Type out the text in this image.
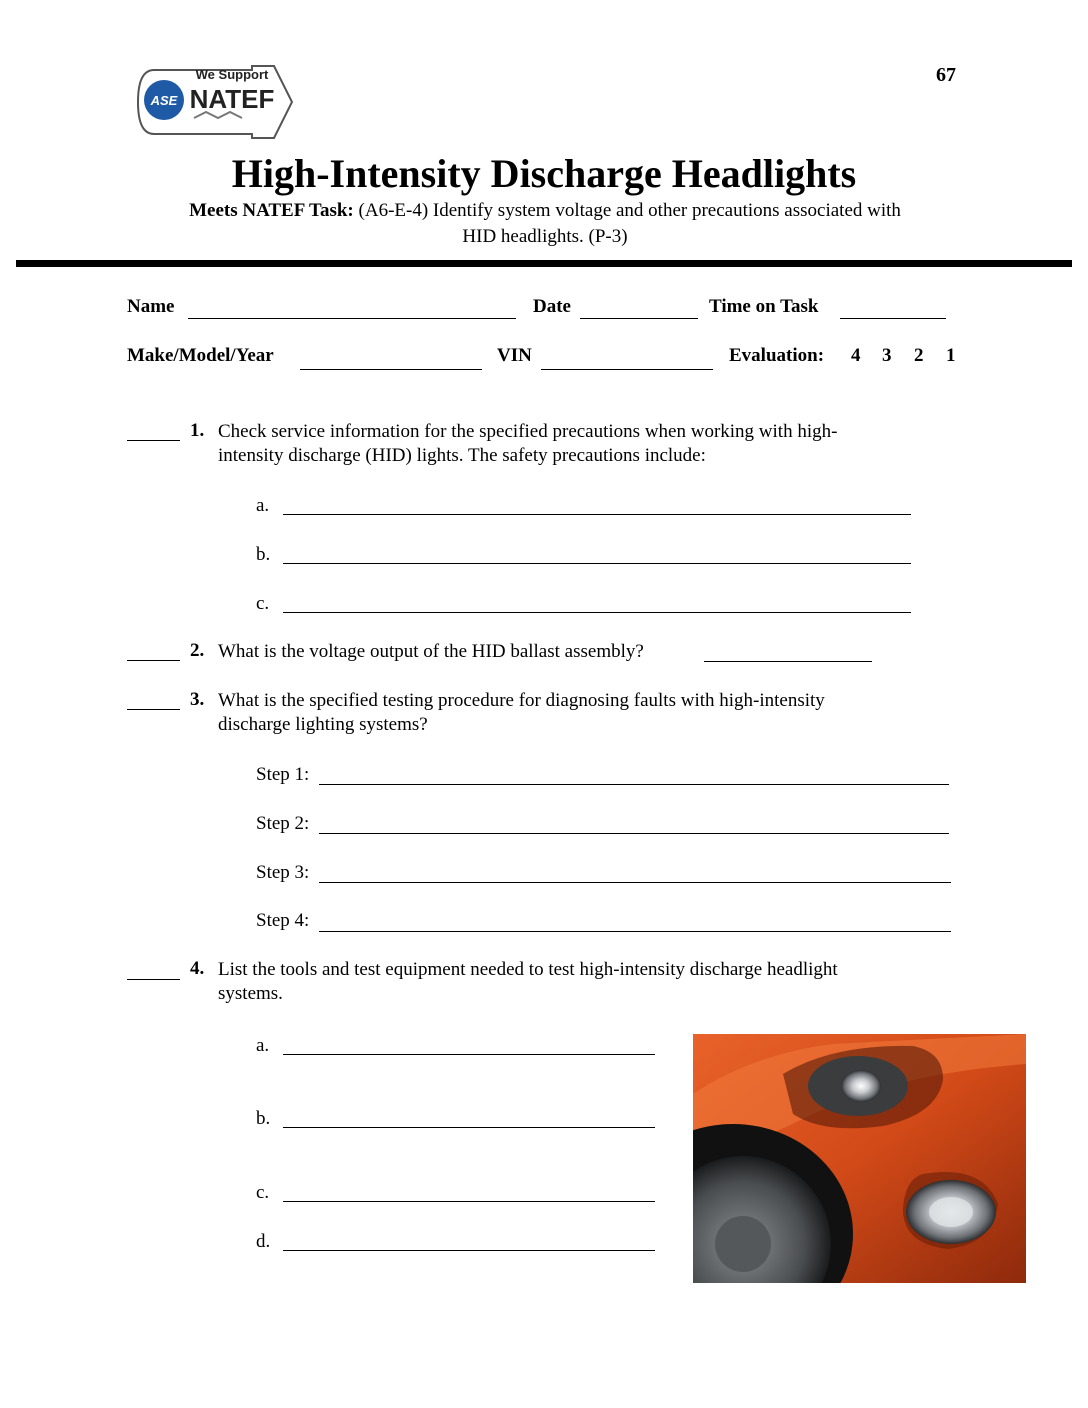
ASE
We Support
NATEF
67
High-Intensity Discharge Headlights
Meets NATEF Task: (A6-E-4) Identify system voltage and other precautions associated with
HID headlights. (P-3)
Name	Date	Time on Task
Make/Model/Year	VIN	Evaluation: 4 3 2 1
1. Check service information for the specified precautions when working with high-
intensity discharge (HID) lights. The safety precautions include:
a.
b.
c.
2. What is the voltage output of the HID ballast assembly?
3. What is the specified testing procedure for diagnosing faults with high-intensity
discharge lighting systems?
Step 1:
Step 2:
Step 3:
Step 4:
4. List the tools and test equipment needed to test high-intensity discharge headlight
systems.
a.
b.
c.
d.
